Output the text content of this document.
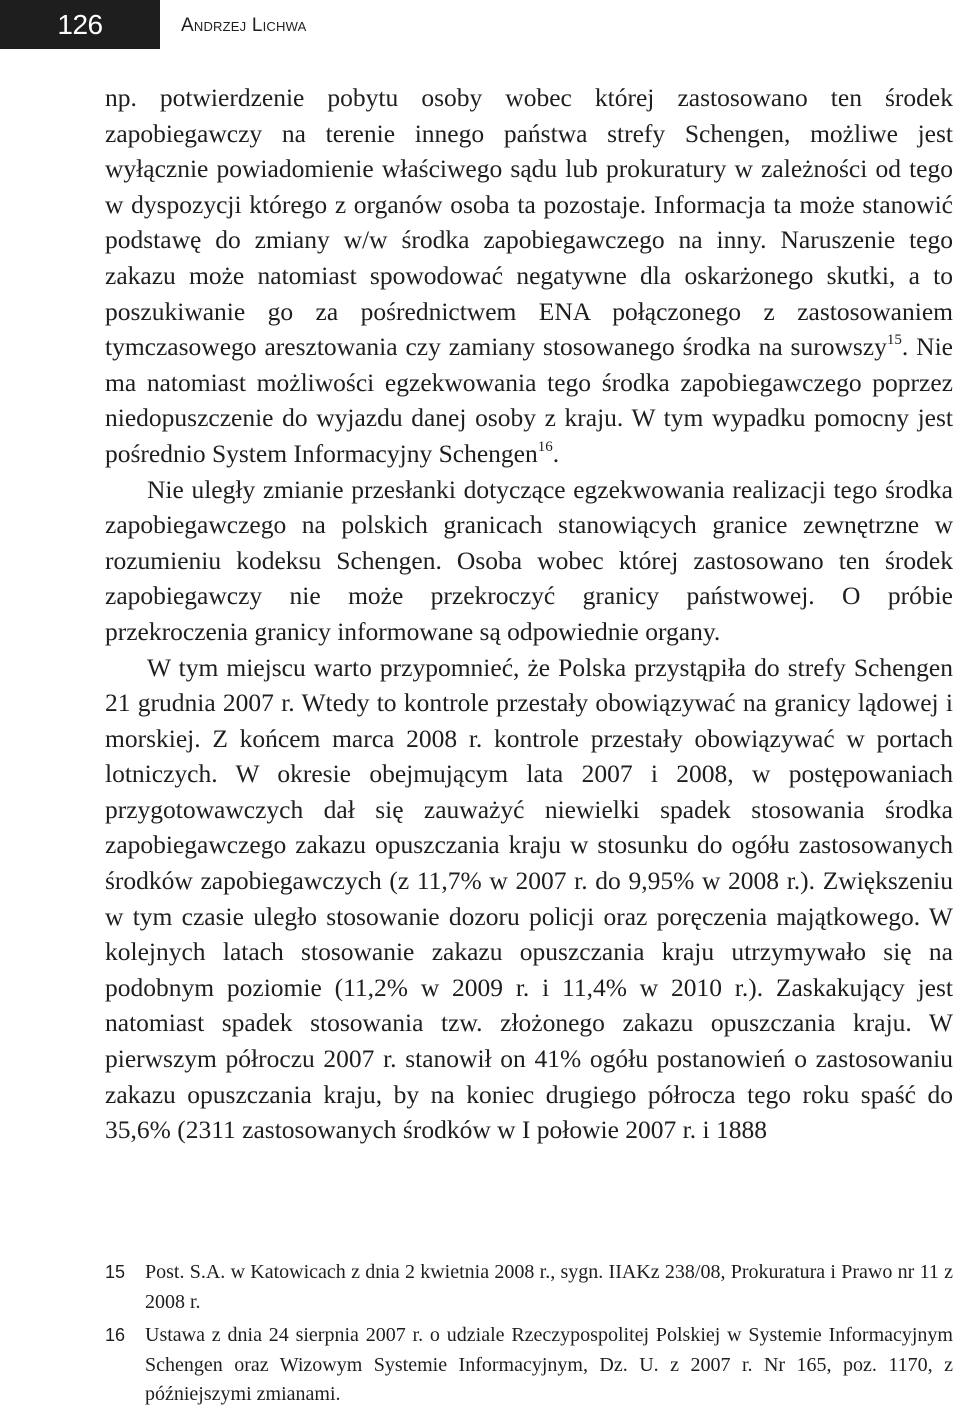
126	Andrzej Lichwa

np. potwierdzenie pobytu osoby wobec której zastosowano ten środek zapobiegawczy na terenie innego państwa strefy Schengen, możliwe jest wyłącznie powiadomienie właściwego sądu lub prokuratury w zależności od tego w dyspozycji którego z organów osoba ta pozostaje. Informacja ta może stanowić podstawę do zmiany w/w środka zapobiegawczego na inny. Naruszenie tego zakazu może natomiast spowodować negatywne dla oskarżonego skutki, a to poszukiwanie go za pośrednictwem ENA połączonego z zastosowaniem tymczasowego aresztowania czy zamiany stosowanego środka na surowszy$^{15}$. Nie ma natomiast możliwości egzekwowania tego środka zapobiegawczego poprzez niedopuszczenie do wyjazdu danej osoby z kraju. W tym wypadku pomocny jest pośrednio System Informacyjny Schengen$^{16}$.

Nie uległy zmianie przesłanki dotyczące egzekwowania realizacji tego środka zapobiegawczego na polskich granicach stanowiących granice zewnętrzne w rozumieniu kodeksu Schengen. Osoba wobec której zastosowano ten środek zapobiegawczy nie może przekroczyć granicy państwowej. O próbie przekroczenia granicy informowane są odpowiednie organy.

W tym miejscu warto przypomnieć, że Polska przystąpiła do strefy Schengen 21 grudnia 2007 r. Wtedy to kontrole przestały obowiązywać na granicy lądowej i morskiej. Z końcem marca 2008 r. kontrole przestały obowiązywać w portach lotniczych. W okresie obejmującym lata 2007 i 2008, w postępowaniach przygotowawczych dał się zauważyć niewielki spadek stosowania środka zapobiegawczego zakazu opuszczania kraju w stosunku do ogółu zastosowanych środków zapobiegawczych (z 11,7% w 2007 r. do 9,95% w 2008 r.). Zwiększeniu w tym czasie uległo stosowanie dozoru policji oraz poręczenia majątkowego. W kolejnych latach stosowanie zakazu opuszczania kraju utrzymywało się na podobnym poziomie (11,2% w 2009 r. i 11,4% w 2010 r.). Zaskakujący jest natomiast spadek stosowania tzw. złożonego zakazu opuszczania kraju. W pierwszym półroczu 2007 r. stanowił on 41% ogółu postanowień o zastosowaniu zakazu opuszczania kraju, by na koniec drugiego półrocza tego roku spaść do 35,6% (2311 zastosowanych środków w I połowie 2007 r. i 1888

15 Post. S.A. w Katowicach z dnia 2 kwietnia 2008 r., sygn. IIAKz 238/08, Prokuratura i Prawo nr 11 z 2008 r.
16 Ustawa z dnia 24 sierpnia 2007 r. o udziale Rzeczypospolitej Polskiej w Systemie Informacyjnym Schengen oraz Wizowym Systemie Informacyjnym, Dz. U. z 2007 r. Nr 165, poz. 1170, z późniejszymi zmianami.
